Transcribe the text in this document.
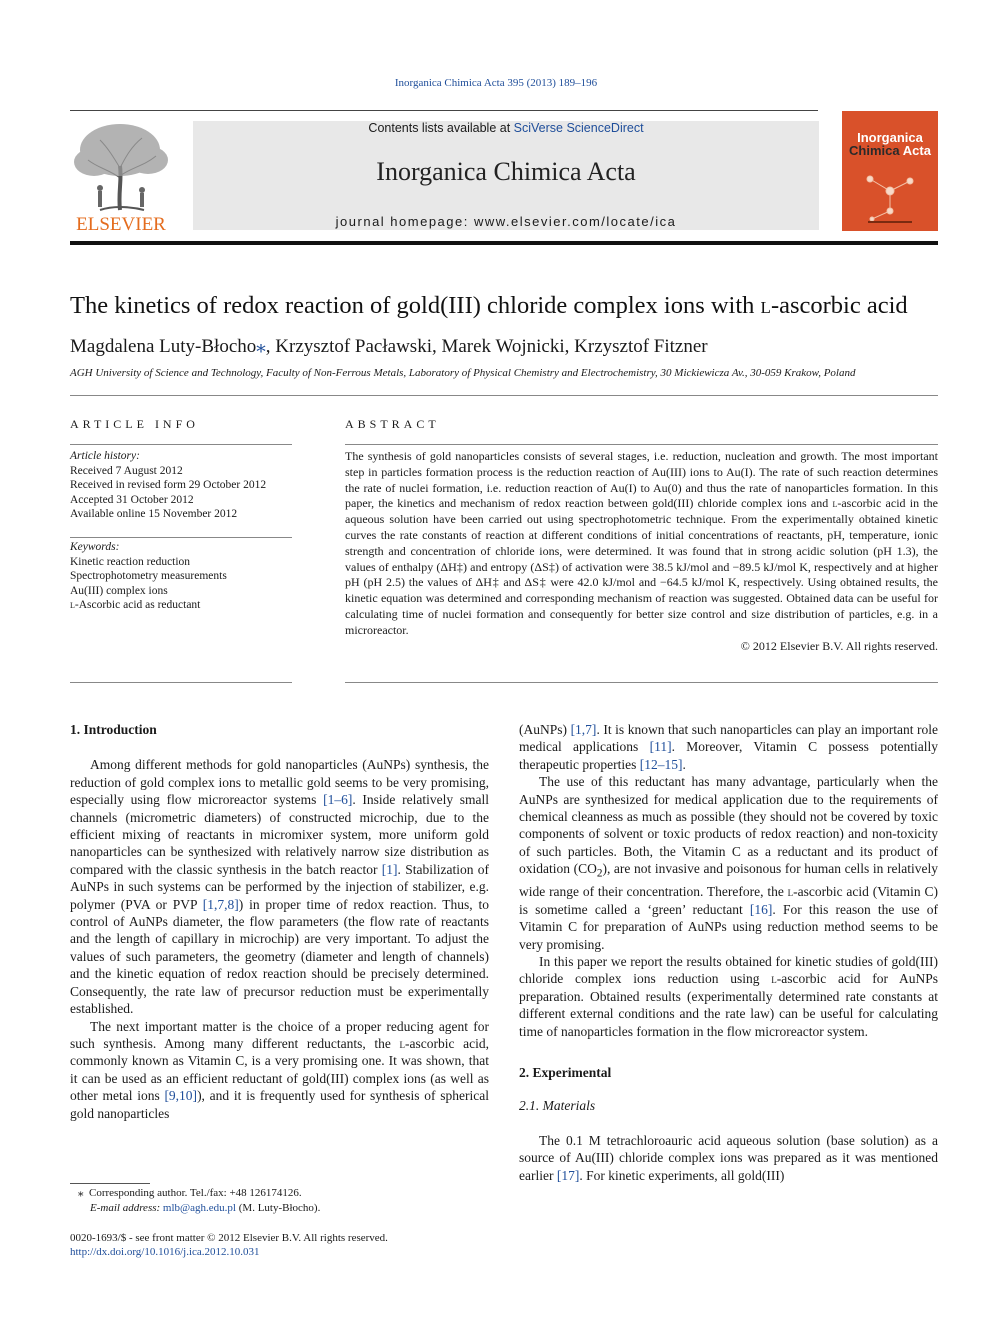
Inorganica Chimica Acta 395 (2013) 189–196
ELSEVIER
Contents lists available at SciVerse ScienceDirect
Inorganica Chimica Acta
journal homepage: www.elsevier.com/locate/ica
Inorganica
Chimica Acta
The kinetics of redox reaction of gold(III) chloride complex ions with l-ascorbic acid
Magdalena Luty-Błocho⁎, Krzysztof Pacławski, Marek Wojnicki, Krzysztof Fitzner
AGH University of Science and Technology, Faculty of Non-Ferrous Metals, Laboratory of Physical Chemistry and Electrochemistry, 30 Mickiewicza Av., 30-059 Krakow, Poland
ARTICLE INFO
Article history:
Received 7 August 2012
Received in revised form 29 October 2012
Accepted 31 October 2012
Available online 15 November 2012
Keywords:
Kinetic reaction reduction
Spectrophotometry measurements
Au(III) complex ions
l-Ascorbic acid as reductant
ABSTRACT
The synthesis of gold nanoparticles consists of several stages, i.e. reduction, nucleation and growth. The most important step in particles formation process is the reduction reaction of Au(III) ions to Au(I). The rate of such reaction determines the rate of nuclei formation, i.e. reduction reaction of Au(I) to Au(0) and thus the rate of nanoparticles formation. In this paper, the kinetics and mechanism of redox reaction between gold(III) chloride complex ions and l-ascorbic acid in the aqueous solution have been carried out using spectrophotometric technique. From the experimentally obtained kinetic curves the rate constants of reaction at different conditions of initial concentrations of reactants, pH, temperature, ionic strength and concentration of chloride ions, were determined. It was found that in strong acidic solution (pH 1.3), the values of enthalpy (ΔH‡) and entropy (ΔS‡) of activation were 38.5 kJ/mol and −89.5 kJ/mol K, respectively and at higher pH (pH 2.5) the values of ΔH‡ and ΔS‡ were 42.0 kJ/mol and −64.5 kJ/mol K, respectively. Using obtained results, the kinetic equation was determined and corresponding mechanism of reaction was suggested. Obtained data can be useful for calculating time of nuclei formation and consequently for better size control and size distribution of particles, e.g. in a microreactor.
© 2012 Elsevier B.V. All rights reserved.
1. Introduction

Among different methods for gold nanoparticles (AuNPs) synthesis, the reduction of gold complex ions to metallic gold seems to be very promising, especially using flow microreactor systems [1–6]. Inside relatively small channels (micrometric diameters) of constructed microchip, due to the efficient mixing of reactants in micromixer system, more uniform gold nanoparticles can be synthesized with relatively narrow size distribution as compared with the classic synthesis in the batch reactor [1]. Stabilization of AuNPs in such systems can be performed by the injection of stabilizer, e.g. polymer (PVA or PVP [1,7,8]) in proper time of redox reaction. Thus, to control of AuNPs diameter, the flow parameters (the flow rate of reactants and the length of capillary in microchip) are very important. To adjust the values of such parameters, the geometry (diameter and length of channels) and the kinetic equation of redox reaction should be precisely determined. Consequently, the rate law of precursor reduction must be experimentally established.

The next important matter is the choice of a proper reducing agent for such synthesis. Among many different reductants, the l-ascorbic acid, commonly known as Vitamin C, is a very promising one. It was shown, that it can be used as an efficient reductant of gold(III) complex ions (as well as other metal ions [9,10]), and it is frequently used for synthesis of spherical gold nanoparticles

(AuNPs) [1,7]. It is known that such nanoparticles can play an important role medical applications [11]. Moreover, Vitamin C possess potentially therapeutic properties [12–15].

The use of this reductant has many advantage, particularly when the AuNPs are synthesized for medical application due to the requirements of chemical cleanness as much as possible (they should not be covered by toxic components of solvent or toxic products of redox reaction) and non-toxicity of such particles. Both, the Vitamin C as a reductant and its product of oxidation $(CO_2)$, are not invasive and poisonous for human cells in relatively wide range of their concentration. Therefore, the l-ascorbic acid (Vitamin C) is sometime called a ‘green’ reductant [16]. For this reason the use of Vitamin C for preparation of AuNPs using reduction method seems to be very promising.

In this paper we report the results obtained for kinetic studies of gold(III) chloride complex ions reduction using l-ascorbic acid for AuNPs preparation. Obtained results (experimentally determined rate constants at different external conditions and the rate law) can be useful for calculating time of nanoparticles formation in the flow microreactor system.

2. Experimental
2.1. Materials

The 0.1 M tetrachloroauric acid aqueous solution (base solution) as a source of Au(III) chloride complex ions was prepared as it was mentioned earlier [17]. For kinetic experiments, all gold(III)

⁎ Corresponding author. Tel./fax: +48 126174126.
E-mail address: mlb@agh.edu.pl (M. Luty-Błocho).
0020-1693/$ - see front matter © 2012 Elsevier B.V. All rights reserved.
http://dx.doi.org/10.1016/j.ica.2012.10.031
